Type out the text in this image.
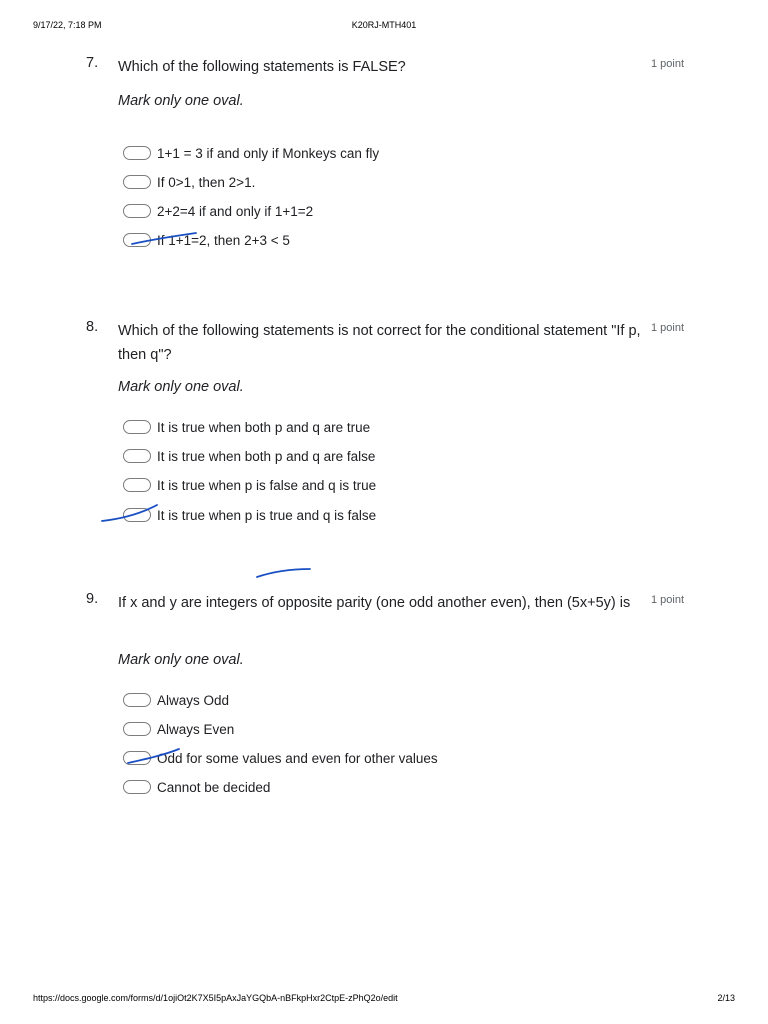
9/17/22, 7:18 PM	K20RJ-MTH401
7. Which of the following statements is FALSE?	1 point
Mark only one oval.
1+1 = 3 if and only if Monkeys can fly
If 0>1, then 2>1.
2+2=4 if and only if 1+1=2
If 1+1=2, then 2+3 < 5
8. Which of the following statements is not correct for the conditional statement "If p, then q"?
1 point
Mark only one oval.
It is true when both p and q are true
It is true when both p and q are false
It is true when p is false and q is true
It is true when p is true and q is false
9. If x and y are integers of opposite parity (one odd another even), then (5x+5y) is	1 point
Mark only one oval.
Always Odd
Always Even
Odd for some values and even for other values
Cannot be decided
https://docs.google.com/forms/d/1ojiOt2K7X5I5pAxJaYGQbA-nBFkpHxr2CtpE-zPhQ2o/edit	2/13
